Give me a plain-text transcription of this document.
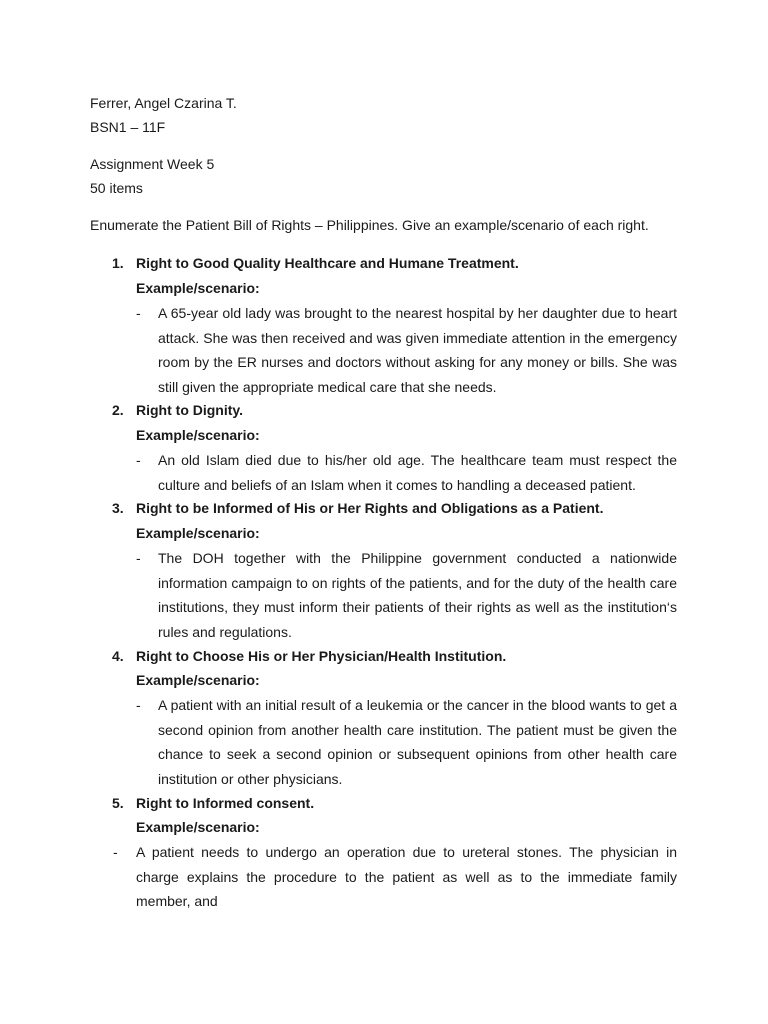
Ferrer, Angel Czarina T.
BSN1 – 11F
Assignment Week 5
50 items
Enumerate the Patient Bill of Rights – Philippines. Give an example/scenario of each right.
1. Right to Good Quality Healthcare and Humane Treatment.
Example/scenario:
- A 65-year old lady was brought to the nearest hospital by her daughter due to heart attack. She was then received and was given immediate attention in the emergency room by the ER nurses and doctors without asking for any money or bills. She was still given the appropriate medical care that she needs.
2. Right to Dignity.
Example/scenario:
- An old Islam died due to his/her old age. The healthcare team must respect the culture and beliefs of an Islam when it comes to handling a deceased patient.
3. Right to be Informed of His or Her Rights and Obligations as a Patient.
Example/scenario:
- The DOH together with the Philippine government conducted a nationwide information campaign to on rights of the patients, and for the duty of the health care institutions, they must inform their patients of their rights as well as the institution‘s rules and regulations.
4. Right to Choose His or Her Physician/Health Institution.
Example/scenario:
- A patient with an initial result of a leukemia or the cancer in the blood wants to get a second opinion from another health care institution. The patient must be given the chance to seek a second opinion or subsequent opinions from other health care institution or other physicians.
5. Right to Informed consent.
Example/scenario:
- A patient needs to undergo an operation due to ureteral stones. The physician in charge explains the procedure to the patient as well as to the immediate family member, and
